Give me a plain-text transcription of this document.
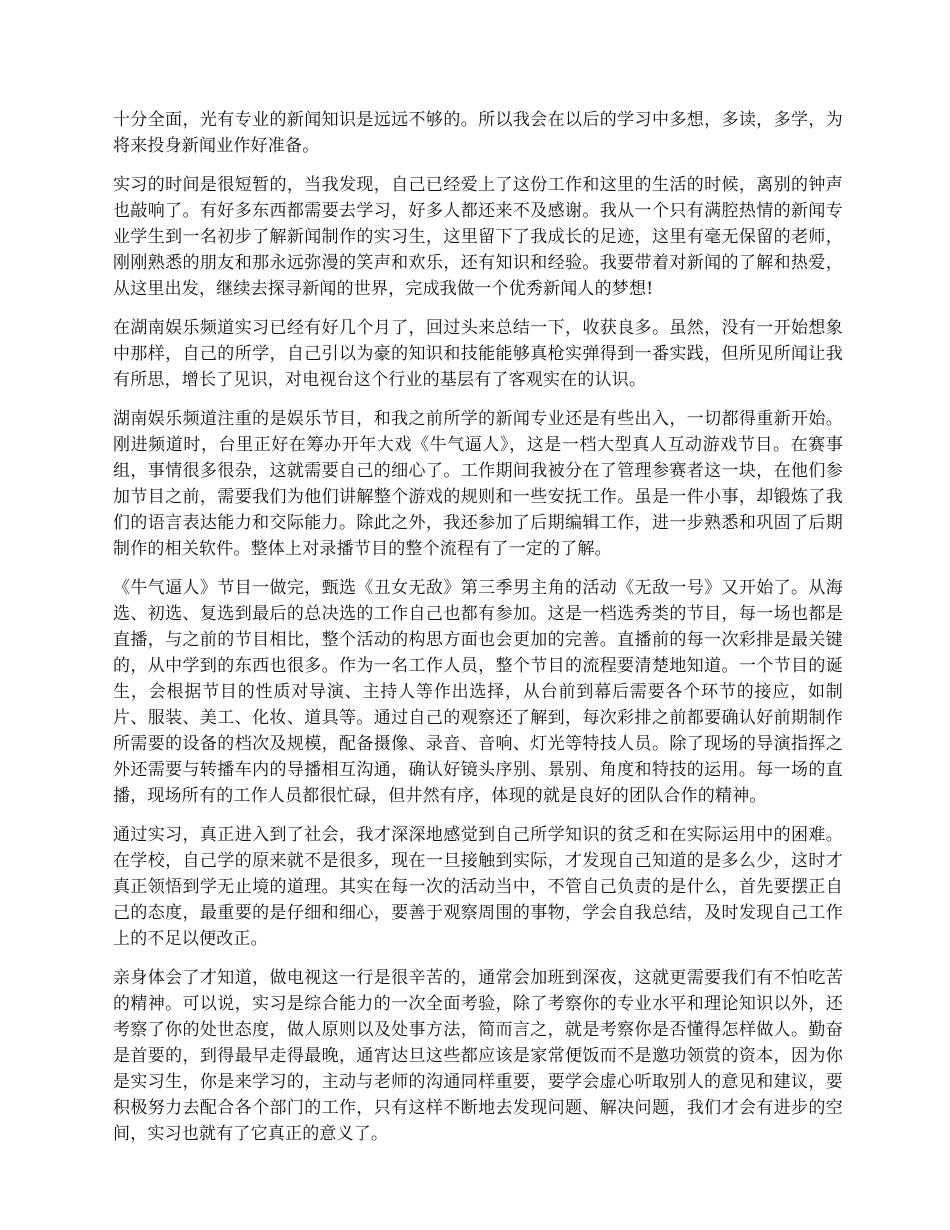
十分全面，光有专业的新闻知识是远远不够的。所以我会在以后的学习中多想，多读，多学，为将来投身新闻业作好准备。

实习的时间是很短暂的，当我发现，自己已经爱上了这份工作和这里的生活的时候，离别的钟声也敲响了。有好多东西都需要去学习，好多人都还来不及感谢。我从一个只有满腔热情的新闻专业学生到一名初步了解新闻制作的实习生，这里留下了我成长的足迹，这里有毫无保留的老师，刚刚熟悉的朋友和那永远弥漫的笑声和欢乐，还有知识和经验。我要带着对新闻的了解和热爱，从这里出发，继续去探寻新闻的世界，完成我做一个优秀新闻人的梦想!

在湖南娱乐频道实习已经有好几个月了，回过头来总结一下，收获良多。虽然，没有一开始想象中那样，自己的所学，自己引以为豪的知识和技能能够真枪实弹得到一番实践，但所见所闻让我有所思，增长了见识，对电视台这个行业的基层有了客观实在的认识。

湖南娱乐频道注重的是娱乐节目，和我之前所学的新闻专业还是有些出入，一切都得重新开始。刚进频道时，台里正好在筹办开年大戏《牛气逼人》，这是一档大型真人互动游戏节目。在赛事组，事情很多很杂，这就需要自己的细心了。工作期间我被分在了管理参赛者这一块，在他们参加节目之前，需要我们为他们讲解整个游戏的规则和一些安抚工作。虽是一件小事，却锻炼了我们的语言表达能力和交际能力。除此之外，我还参加了后期编辑工作，进一步熟悉和巩固了后期制作的相关软件。整体上对录播节目的整个流程有了一定的了解。

《牛气逼人》节目一做完，甄选《丑女无敌》第三季男主角的活动《无敌一号》又开始了。从海选、初选、复选到最后的总决选的工作自己也都有参加。这是一档选秀类的节目，每一场也都是直播，与之前的节目相比，整个活动的构思方面也会更加的完善。直播前的每一次彩排是最关键的，从中学到的东西也很多。作为一名工作人员，整个节目的流程要清楚地知道。一个节目的诞生，会根据节目的性质对导演、主持人等作出选择，从台前到幕后需要各个环节的接应，如制片、服装、美工、化妆、道具等。通过自己的观察还了解到，每次彩排之前都要确认好前期制作所需要的设备的档次及规模，配备摄像、录音、音响、灯光等特技人员。除了现场的导演指挥之外还需要与转播车内的导播相互沟通，确认好镜头序别、景别、角度和特技的运用。每一场的直播，现场所有的工作人员都很忙碌，但井然有序，体现的就是良好的团队合作的精神。

通过实习，真正进入到了社会，我才深深地感觉到自己所学知识的贫乏和在实际运用中的困难。在学校，自己学的原来就不是很多，现在一旦接触到实际，才发现自己知道的是多么少，这时才真正领悟到学无止境的道理。其实在每一次的活动当中，不管自己负责的是什么，首先要摆正自己的态度，最重要的是仔细和细心，要善于观察周围的事物，学会自我总结，及时发现自己工作上的不足以便改正。

亲身体会了才知道，做电视这一行是很辛苦的，通常会加班到深夜，这就更需要我们有不怕吃苦的精神。可以说，实习是综合能力的一次全面考验，除了考察你的专业水平和理论知识以外，还考察了你的处世态度，做人原则以及处事方法，简而言之，就是考察你是否懂得怎样做人。勤奋是首要的，到得最早走得最晚，通宵达旦这些都应该是家常便饭而不是邀功领赏的资本，因为你是实习生，你是来学习的，主动与老师的沟通同样重要，要学会虚心听取别人的意见和建议，要积极努力去配合各个部门的工作，只有这样不断地去发现问题、解决问题，我们才会有进步的空间，实习也就有了它真正的意义了。
